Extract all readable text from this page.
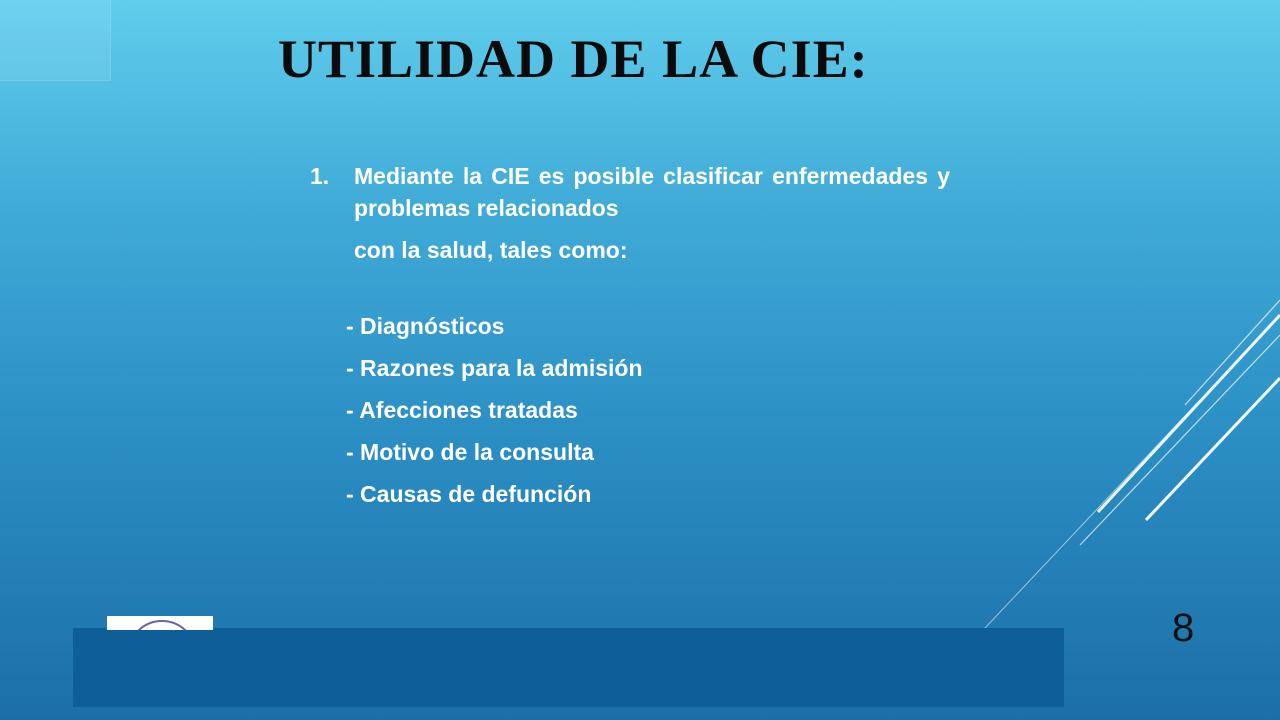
UTILIDAD DE LA CIE:
1. Mediante la CIE es posible clasificar enfermedades y problemas relacionados
con la salud, tales como:
- Diagnósticos
- Razones para la admisión
- Afecciones tratadas
- Motivo de la consulta
- Causas de defunción
8
